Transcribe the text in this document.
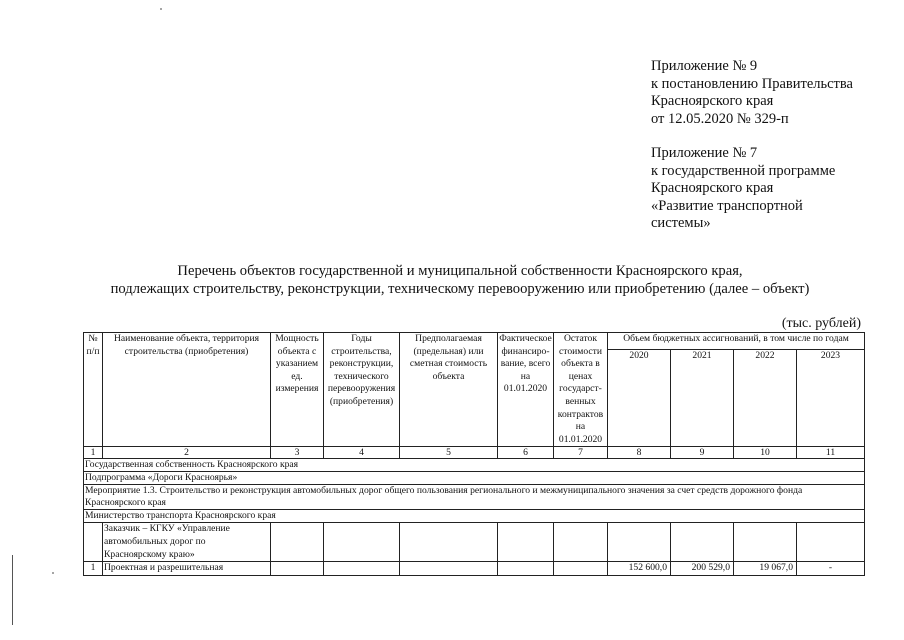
Приложение № 9
к постановлению Правительства
Красноярского края
от 12.05.2020 № 329-п
Приложение № 7
к государственной программе
Красноярского края
«Развитие транспортной
системы»
Перечень объектов государственной и муниципальной собственности Красноярского края,
подлежащих строительству, реконструкции, техническому перевооружению или приобретению (далее – объект)
(тыс. рублей)
№ п/п	Наименование объекта, территория строительства (приобретения)	Мощность объекта с указанием ед. измерения	Годы строительства, реконструкции, технического перевооружения (приобретения)	Предполагаемая (предельная) или сметная стоимость объекта	Фактическое финансиро- вание, всего на 01.01.2020	Остаток стоимости объекта в ценах государст- венных контрактов на 01.01.2020	Объем бюджетных ассигнований, в том числе по годам			
							2020	2021	2022	2023
1	2	3	4	5	6	7	8	9	10	11
Государственная собственность Красноярского края										
Подпрограмма «Дороги Красноярья»										
Мероприятие 1.3. Строительство и реконструкция автомобильных дорог общего пользования регионального и межмуниципального значения за счет средств дорожного фонда Красноярского края										
Министерство транспорта Красноярского края										
	Заказчик – КГКУ «Управление автомобильных дорог по Красноярскому краю»									
1	Проектная и разрешительная						152 600,0	200 529,0	19 067,0	-
